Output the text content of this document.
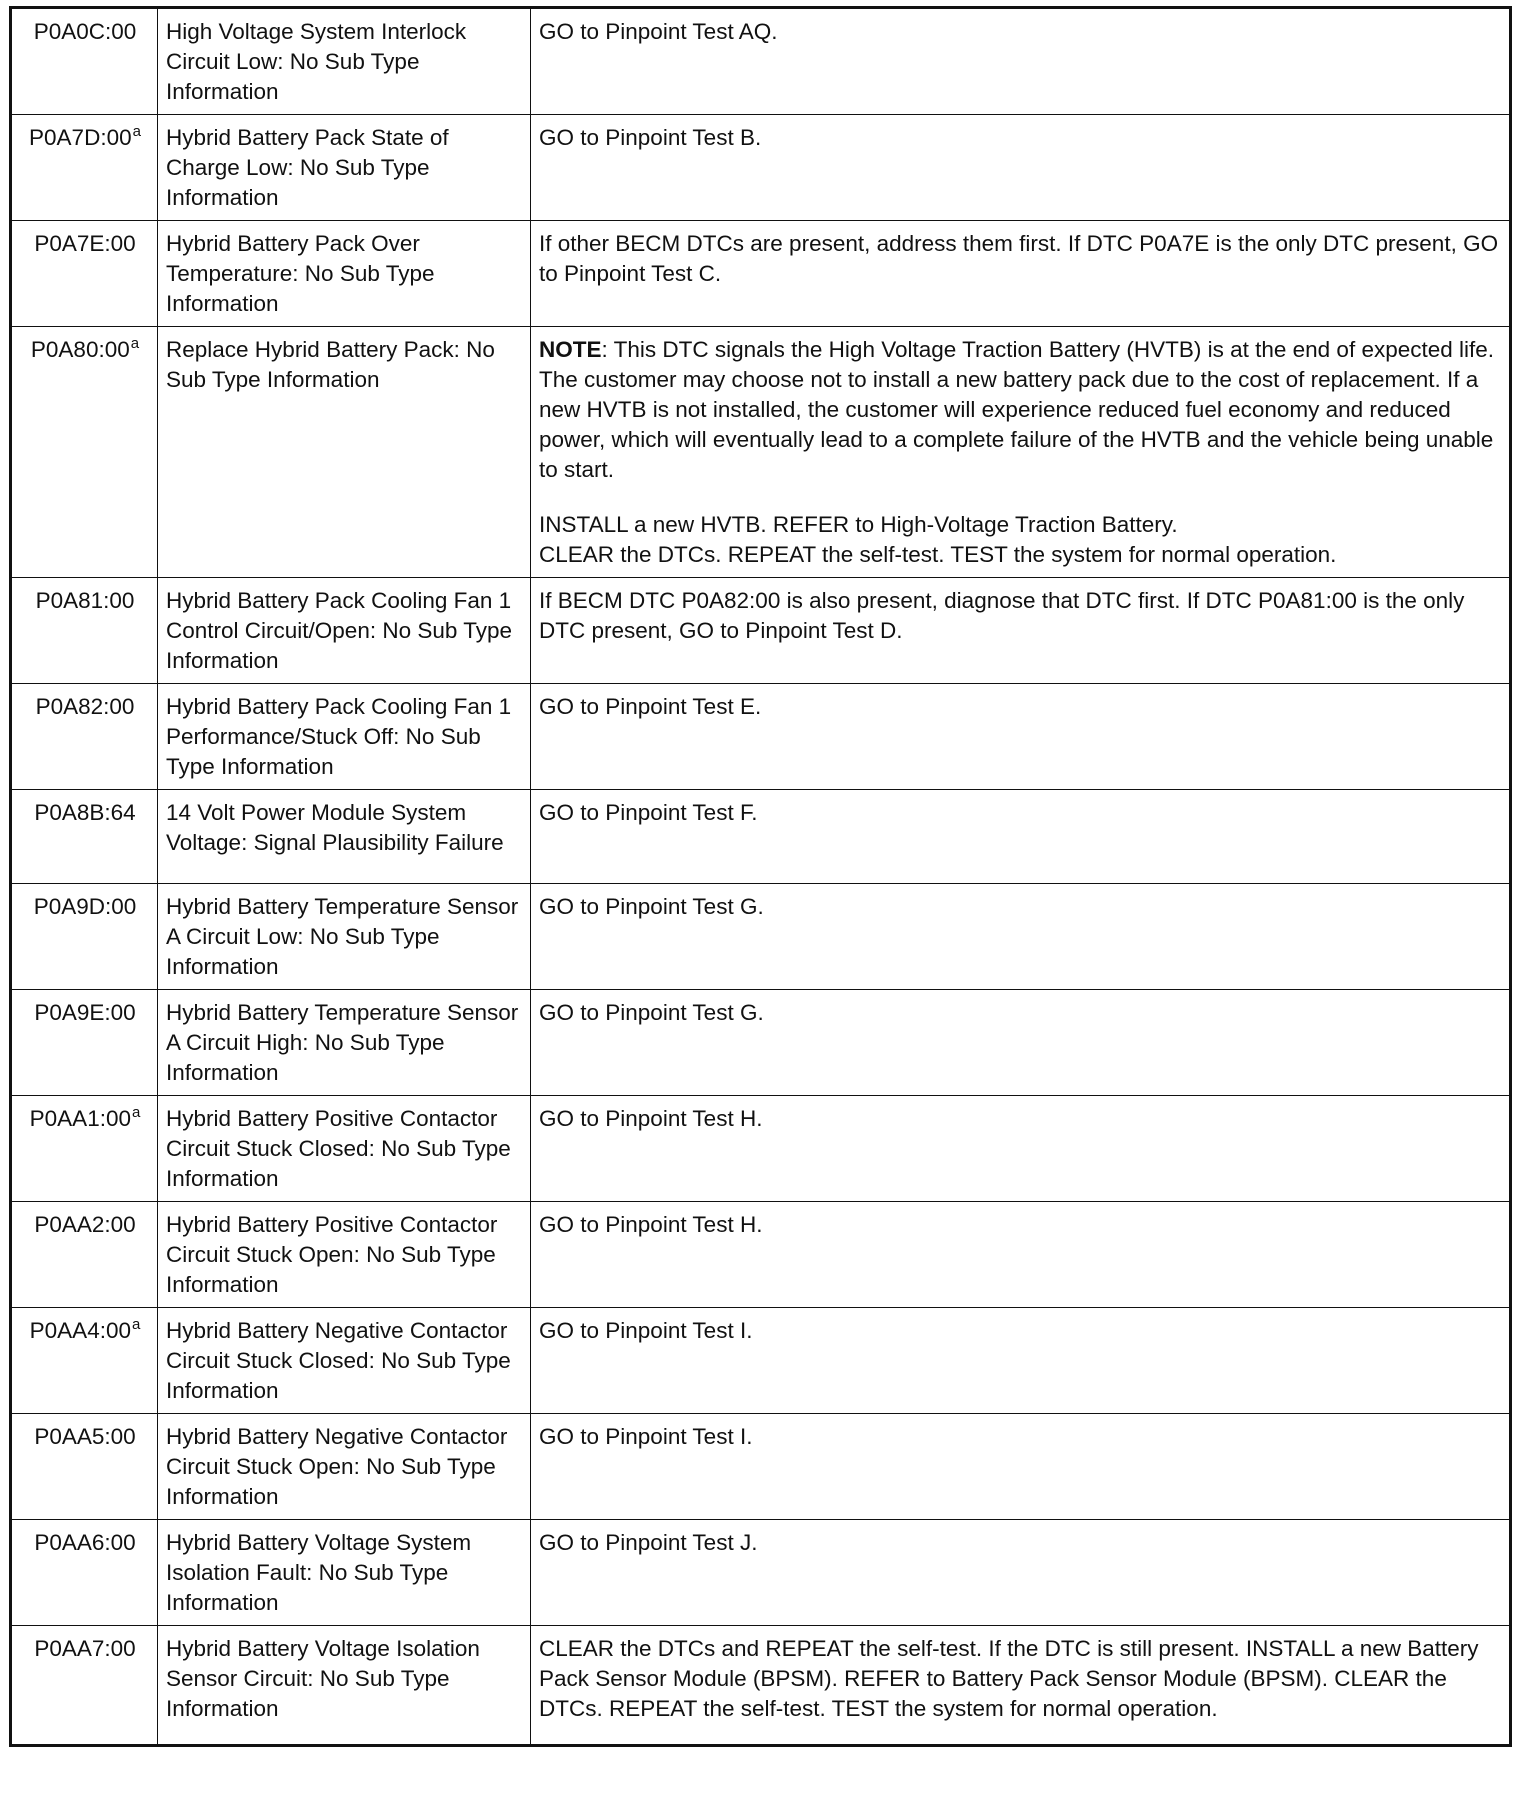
P0A0C:00	High Voltage System Interlock Circuit Low: No Sub Type Information	GO to Pinpoint Test AQ.
P0A7D:00$^a$	Hybrid Battery Pack State of Charge Low: No Sub Type Information	GO to Pinpoint Test B.
P0A7E:00	Hybrid Battery Pack Over Temperature: No Sub Type Information	If other BECM DTCs are present, address them first. If DTC P0A7E is the only DTC present, GO to Pinpoint Test C.
P0A80:00$^a$	Replace Hybrid Battery Pack: No Sub Type Information	NOTE: This DTC signals the High Voltage Traction Battery (HVTB) is at the end of expected life. The customer may choose not to install a new battery pack due to the cost of replacement. If a new HVTB is not installed, the customer will experience reduced fuel economy and reduced power, which will eventually lead to a complete failure of the HVTB and the vehicle being unable to start.
INSTALL a new HVTB. REFER to High-Voltage Traction Battery.
CLEAR the DTCs. REPEAT the self-test. TEST the system for normal operation.

P0A81:00	Hybrid Battery Pack Cooling Fan 1 Control Circuit/Open: No Sub Type Information	If BECM DTC P0A82:00 is also present, diagnose that DTC first. If DTC P0A81:00 is the only DTC present, GO to Pinpoint Test D.
P0A82:00	Hybrid Battery Pack Cooling Fan 1 Performance/Stuck Off: No Sub Type Information	GO to Pinpoint Test E.
P0A8B:64	14 Volt Power Module System Voltage: Signal Plausibility Failure	GO to Pinpoint Test F.
P0A9D:00	Hybrid Battery Temperature Sensor A Circuit Low: No Sub Type Information	GO to Pinpoint Test G.
P0A9E:00	Hybrid Battery Temperature Sensor A Circuit High: No Sub Type Information	GO to Pinpoint Test G.
P0AA1:00$^a$	Hybrid Battery Positive Contactor Circuit Stuck Closed: No Sub Type Information	GO to Pinpoint Test H.
P0AA2:00	Hybrid Battery Positive Contactor Circuit Stuck Open: No Sub Type Information	GO to Pinpoint Test H.
P0AA4:00$^a$	Hybrid Battery Negative Contactor Circuit Stuck Closed: No Sub Type Information	GO to Pinpoint Test I.
P0AA5:00	Hybrid Battery Negative Contactor Circuit Stuck Open: No Sub Type Information	GO to Pinpoint Test I.
P0AA6:00	Hybrid Battery Voltage System Isolation Fault: No Sub Type Information	GO to Pinpoint Test J.
P0AA7:00	Hybrid Battery Voltage Isolation Sensor Circuit: No Sub Type Information	CLEAR the DTCs and REPEAT the self-test. If the DTC is still present. INSTALL a new Battery Pack Sensor Module (BPSM). REFER to Battery Pack Sensor Module (BPSM). CLEAR the DTCs. REPEAT the self-test. TEST the system for normal operation.
